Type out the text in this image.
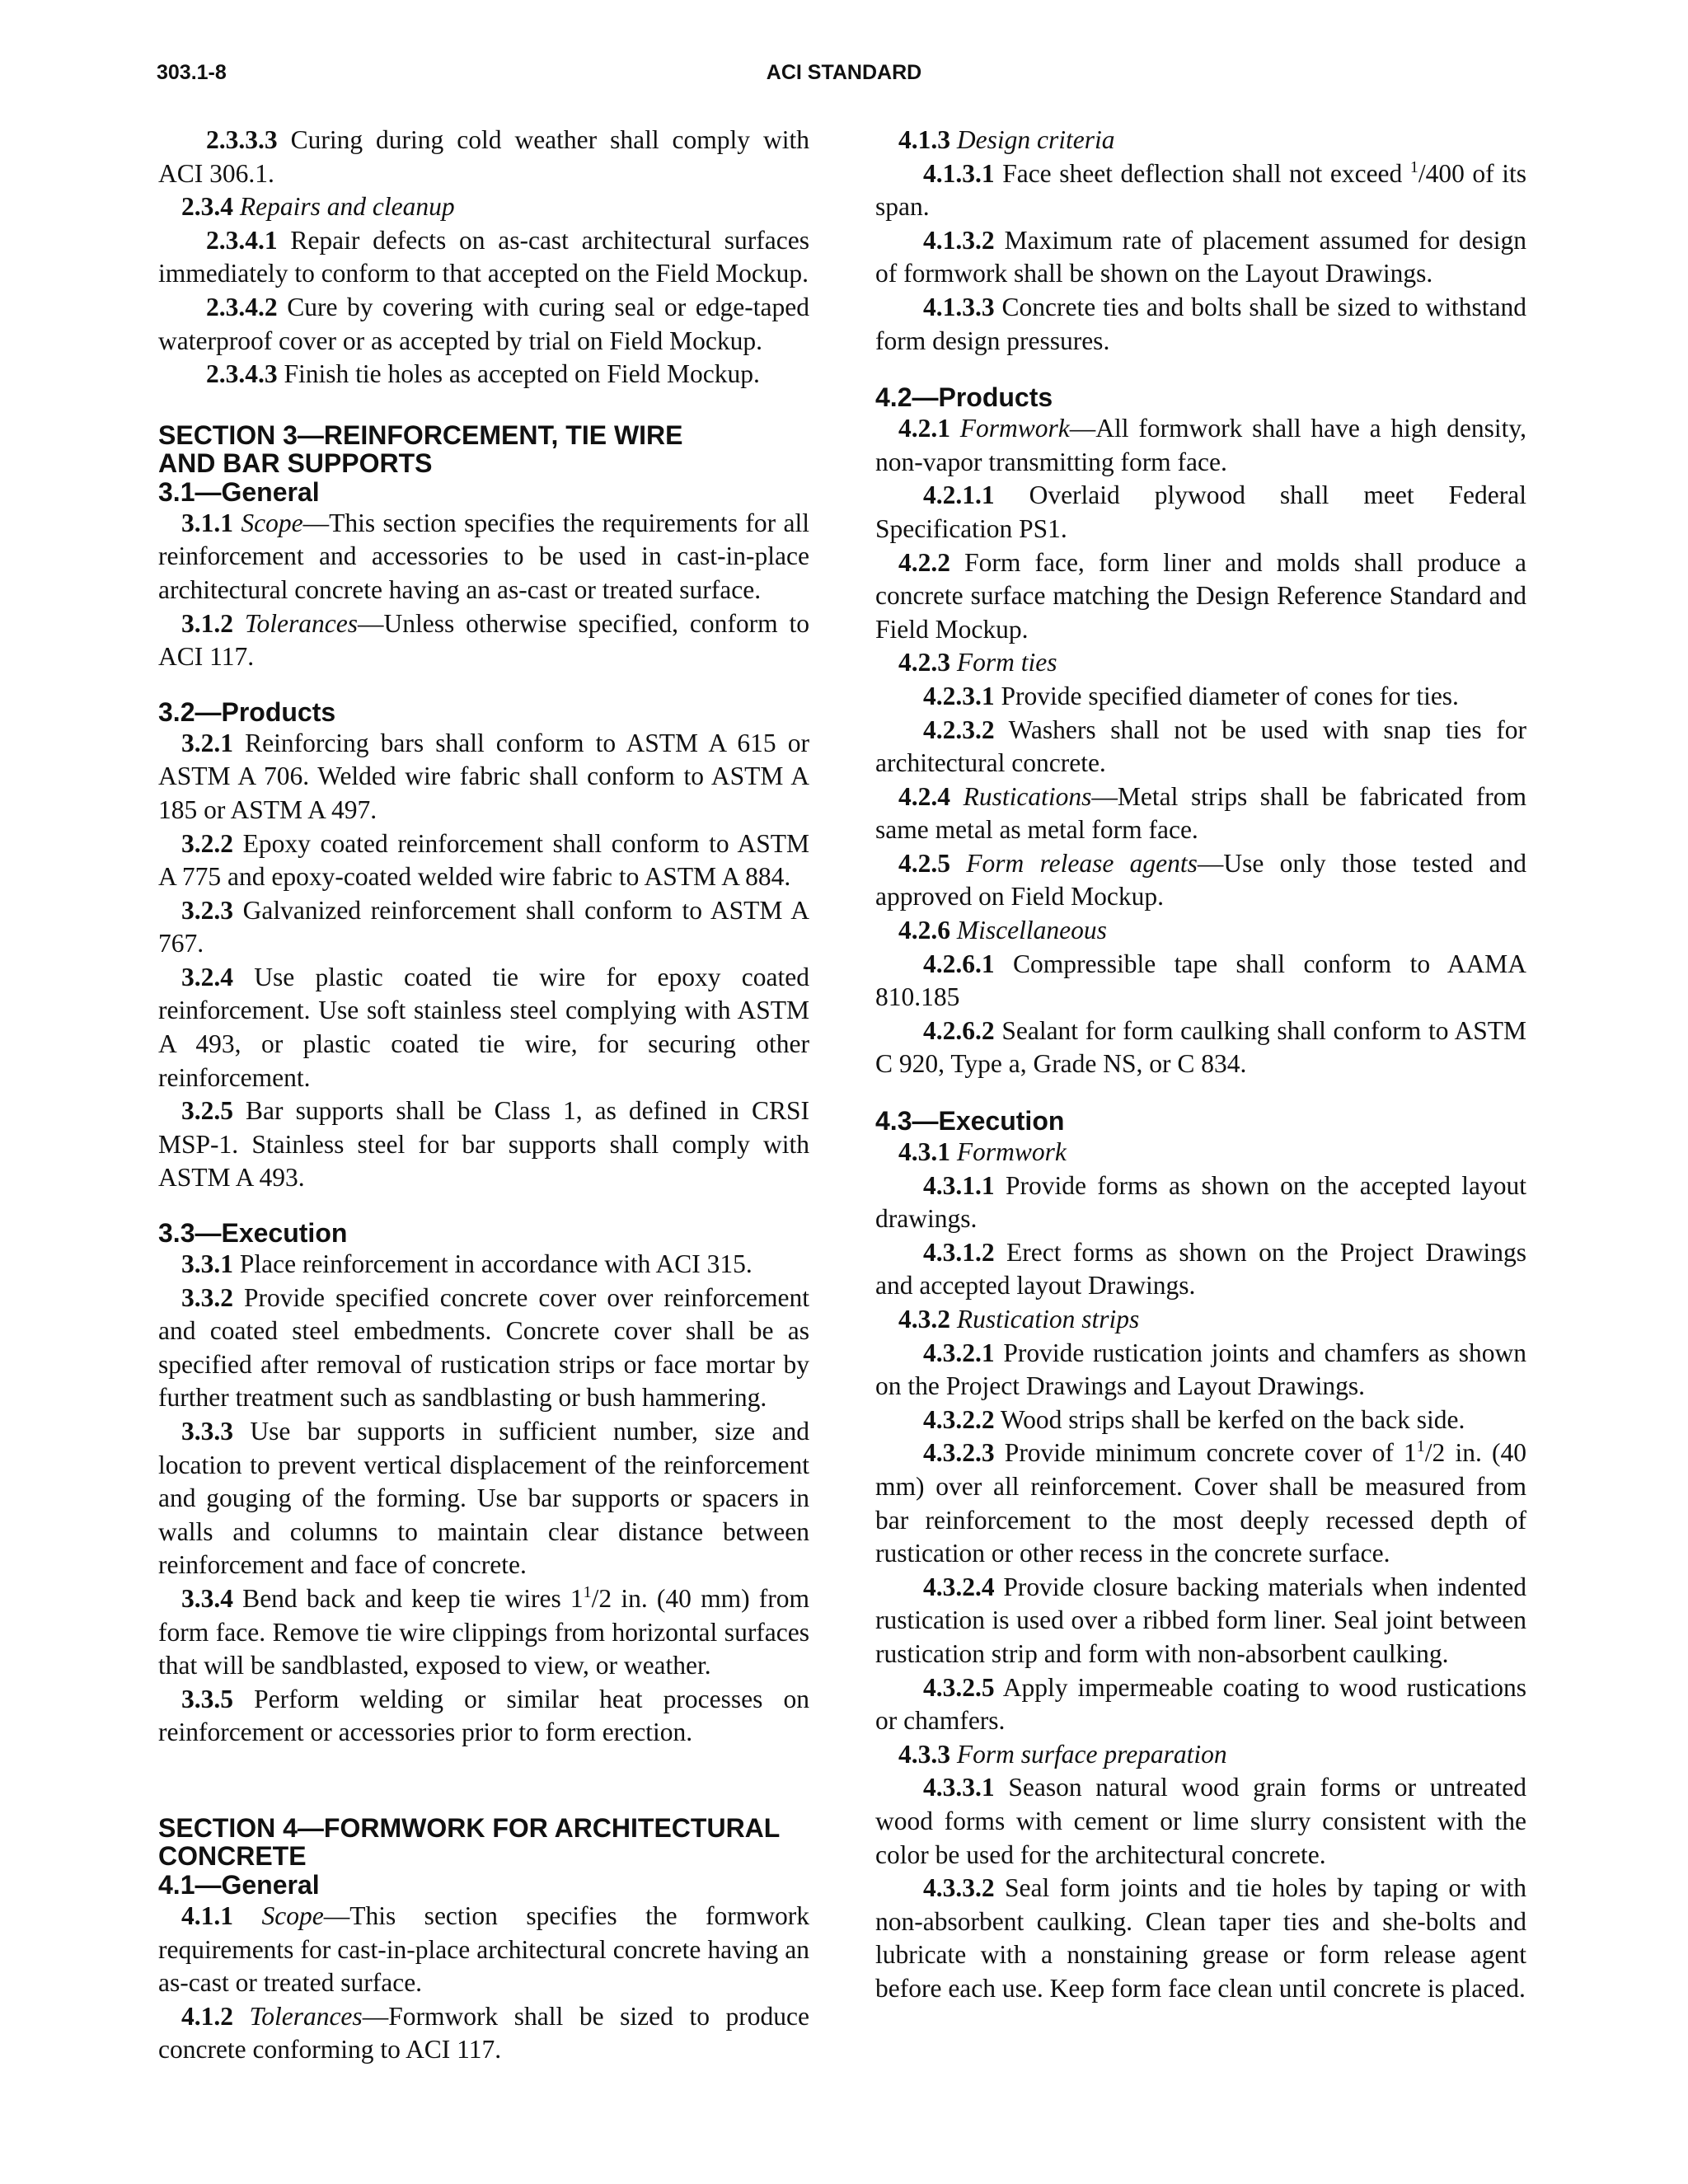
303.1-8	ACI STANDARD

2.3.3.3 Curing during cold weather shall comply with ACI 306.1.

2.3.4 Repairs and cleanup

2.3.4.1 Repair defects on as-cast architectural surfaces immediately to conform to that accepted on the Field Mockup.

2.3.4.2 Cure by covering with curing seal or edge-taped waterproof cover or as accepted by trial on Field Mockup.

2.3.4.3 Finish tie holes as accepted on Field Mockup.

SECTION 3—REINFORCEMENT, TIE WIRE
AND BAR SUPPORTS

3.1—General

3.1.1 Scope—This section specifies the requirements for all reinforcement and accessories to be used in cast-in-place architectural concrete having an as-cast or treated surface.

3.1.2 Tolerances—Unless otherwise specified, conform to ACI 117.

3.2—Products

3.2.1 Reinforcing bars shall conform to ASTM A 615 or ASTM A 706. Welded wire fabric shall conform to ASTM A 185 or ASTM A 497.

3.2.2 Epoxy coated reinforcement shall conform to ASTM A 775 and epoxy-coated welded wire fabric to ASTM A 884.

3.2.3 Galvanized reinforcement shall conform to ASTM A 767.

3.2.4 Use plastic coated tie wire for epoxy coated reinforcement. Use soft stainless steel complying with ASTM A 493, or plastic coated tie wire, for securing other reinforcement.

3.2.5 Bar supports shall be Class 1, as defined in CRSI MSP-1. Stainless steel for bar supports shall comply with ASTM A 493.

3.3—Execution

3.3.1 Place reinforcement in accordance with ACI 315.

3.3.2 Provide specified concrete cover over reinforcement and coated steel embedments. Concrete cover shall be as specified after removal of rustication strips or face mortar by further treatment such as sandblasting or bush hammering.

3.3.3 Use bar supports in sufficient number, size and location to prevent vertical displacement of the reinforcement and gouging of the forming. Use bar supports or spacers in walls and columns to maintain clear distance between reinforcement and face of concrete.

3.3.4 Bend back and keep tie wires $1^1/2$ in. (40 mm) from form face. Remove tie wire clippings from horizontal surfaces that will be sandblasted, exposed to view, or weather.

3.3.5 Perform welding or similar heat processes on reinforcement or accessories prior to form erection.

SECTION 4—FORMWORK FOR ARCHITECTURAL
CONCRETE

4.1—General

4.1.1 Scope—This section specifies the formwork requirements for cast-in-place architectural concrete having an as-cast or treated surface.

4.1.2 Tolerances—Formwork shall be sized to produce concrete conforming to ACI 117.

4.1.3 Design criteria

4.1.3.1 Face sheet deflection shall not exceed $^1$/400 of its span.

4.1.3.2 Maximum rate of placement assumed for design of formwork shall be shown on the Layout Drawings.

4.1.3.3 Concrete ties and bolts shall be sized to withstand form design pressures.

4.2—Products

4.2.1 Formwork—All formwork shall have a high density, non-vapor transmitting form face.

4.2.1.1 Overlaid plywood shall meet Federal Specification PS1.

4.2.2 Form face, form liner and molds shall produce a concrete surface matching the Design Reference Standard and Field Mockup.

4.2.3 Form ties

4.2.3.1 Provide specified diameter of cones for ties.

4.2.3.2 Washers shall not be used with snap ties for architectural concrete.

4.2.4 Rustications—Metal strips shall be fabricated from same metal as metal form face.

4.2.5 Form release agents—Use only those tested and approved on Field Mockup.

4.2.6 Miscellaneous

4.2.6.1 Compressible tape shall conform to AAMA 810.185

4.2.6.2 Sealant for form caulking shall conform to ASTM C 920, Type a, Grade NS, or C 834.

4.3—Execution

4.3.1 Formwork

4.3.1.1 Provide forms as shown on the accepted layout drawings.

4.3.1.2 Erect forms as shown on the Project Drawings and accepted layout Drawings.

4.3.2 Rustication strips

4.3.2.1 Provide rustication joints and chamfers as shown on the Project Drawings and Layout Drawings.

4.3.2.2 Wood strips shall be kerfed on the back side.

4.3.2.3 Provide minimum concrete cover of $1^1/2$ in. (40 mm) over all reinforcement. Cover shall be measured from bar reinforcement to the most deeply recessed depth of rustication or other recess in the concrete surface.

4.3.2.4 Provide closure backing materials when indented rustication is used over a ribbed form liner. Seal joint between rustication strip and form with non-absorbent caulking.

4.3.2.5 Apply impermeable coating to wood rustications or chamfers.

4.3.3 Form surface preparation

4.3.3.1 Season natural wood grain forms or untreated wood forms with cement or lime slurry consistent with the color be used for the architectural concrete.

4.3.3.2 Seal form joints and tie holes by taping or with non-absorbent caulking. Clean taper ties and she-bolts and lubricate with a nonstaining grease or form release agent before each use. Keep form face clean until concrete is placed.
